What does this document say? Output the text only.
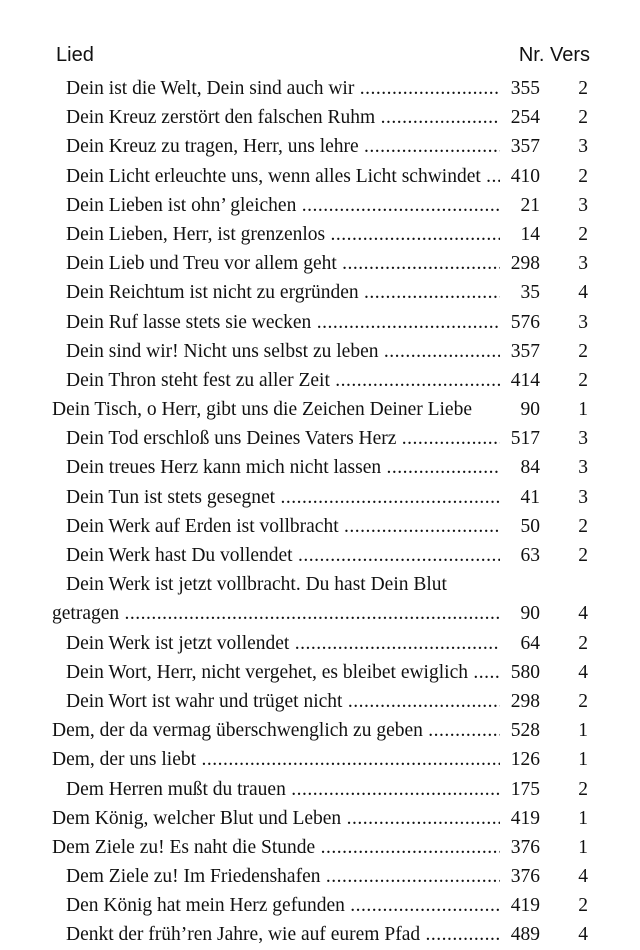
Lied	Nr. Vers
Dein ist die Welt, Dein sind auch wir .....	355	2
Dein Kreuz zerstört den falschen Ruhm .....	254	2
Dein Kreuz zu tragen, Herr, uns lehre .....	357	3
Dein Licht erleuchte uns, wenn alles Licht schwindet .....	410	2
Dein Lieben ist ohn’ gleichen .....	21	3
Dein Lieben, Herr, ist grenzenlos .....	14	2
Dein Lieb und Treu vor allem geht .....	298	3
Dein Reichtum ist nicht zu ergründen .....	35	4
Dein Ruf lasse stets sie wecken .....	576	3
Dein sind wir! Nicht uns selbst zu leben .....	357	2
Dein Thron steht fest zu aller Zeit .....	414	2
Dein Tisch, o Herr, gibt uns die Zeichen Deiner Liebe	90	1
Dein Tod erschloß uns Deines Vaters Herz .....	517	3
Dein treues Herz kann mich nicht lassen .....	84	3
Dein Tun ist stets gesegnet .....	41	3
Dein Werk auf Erden ist vollbracht .....	50	2
Dein Werk hast Du vollendet .....	63	2
Dein Werk ist jetzt vollbracht. Du hast Dein Blut
getragen .....	90	4
Dein Werk ist jetzt vollendet .....	64	2
Dein Wort, Herr, nicht vergehet, es bleibet ewiglich .....	580	4
Dein Wort ist wahr und trüget nicht .....	298	2
Dem, der da vermag überschwenglich zu geben .....	528	1
Dem, der uns liebt .....	126	1
Dem Herren mußt du trauen .....	175	2
Dem König, welcher Blut und Leben .....	419	1
Dem Ziele zu! Es naht die Stunde .....	376	1
Dem Ziele zu! Im Friedenshafen .....	376	4
Den König hat mein Herz gefunden .....	419	2
Denkt der früh’ren Jahre, wie auf eurem Pfad .....	489	4
